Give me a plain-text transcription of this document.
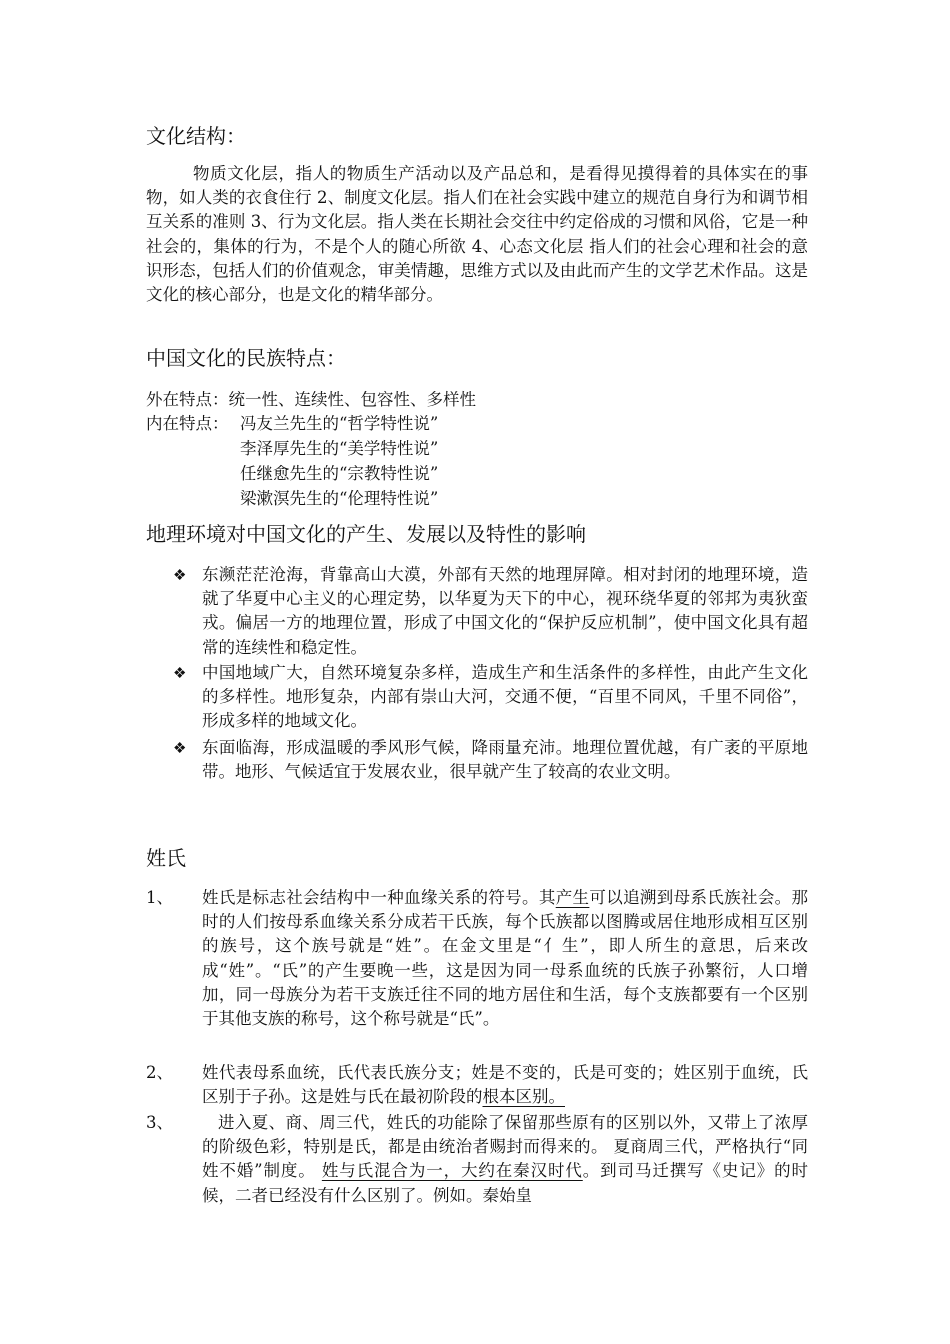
文化结构：
物质文化层，指人的物质生产活动以及产品总和，是看得见摸得着的具体实在的事物，如人类的衣食住行 2、制度文化层。指人们在社会实践中建立的规范自身行为和调节相互关系的准则 3、行为文化层。指人类在长期社会交往中约定俗成的习惯和风俗，它是一种社会的，集体的行为，不是个人的随心所欲 4、心态文化层 指人们的社会心理和社会的意识形态，包括人们的价值观念，审美情趣，思维方式以及由此而产生的文学艺术作品。这是文化的核心部分，也是文化的精华部分。
中国文化的民族特点：
外在特点：统一性、连续性、包容性、多样性
内在特点： 冯友兰先生的“哲学特性说”
李泽厚先生的“美学特性说”
任继愈先生的“宗教特性说”
梁漱溟先生的“伦理特性说”
地理环境对中国文化的产生、发展以及特性的影响
❖ 东濒茫茫沧海，背靠高山大漠，外部有天然的地理屏障。相对封闭的地理环境，造就了华夏中心主义的心理定势，以华夏为天下的中心，视环绕华夏的邻邦为夷狄蛮戎。偏居一方的地理位置，形成了中国文化的“保护反应机制”，使中国文化具有超常的连续性和稳定性。
❖ 中国地域广大，自然环境复杂多样，造成生产和生活条件的多样性，由此产生文化的多样性。地形复杂，内部有崇山大河，交通不便，“百里不同风，千里不同俗”，形成多样的地域文化。
❖ 东面临海，形成温暖的季风形气候，降雨量充沛。地理位置优越，有广袤的平原地带。地形、气候适宜于发展农业，很早就产生了较高的农业文明。
姓氏
1、 姓氏是标志社会结构中一种血缘关系的符号。其产生可以追溯到母系氏族社会。那时的人们按母系血缘关系分成若干氏族，每个氏族都以图腾或居住地形成相互区别的族号，这个族号就是“姓”。在金文里是“亻生”，即人所生的意思，后来改成“姓”。“氏”的产生要晚一些，这是因为同一母系血统的氏族子孙繁衍，人口增加，同一母族分为若干支族迁往不同的地方居住和生活，每个支族都要有一个区别于其他支族的称号，这个称号就是“氏”。
2、 姓代表母系血统，氏代表氏族分支；姓是不变的，氏是可变的；姓区别于血统，氏区别于子孙。这是姓与氏在最初阶段的根本区别。
3、	进入夏、商、周三代，姓氏的功能除了保留那些原有的区别以外，又带上了浓厚的阶级色彩，特别是氏，都是由统治者赐封而得来的。 夏商周三代，严格执行“同姓不婚”制度。 姓与氏混合为一，大约在秦汉时代。到司马迁撰写《史记》的时候，二者已经没有什么区别了。例如。秦始皇
